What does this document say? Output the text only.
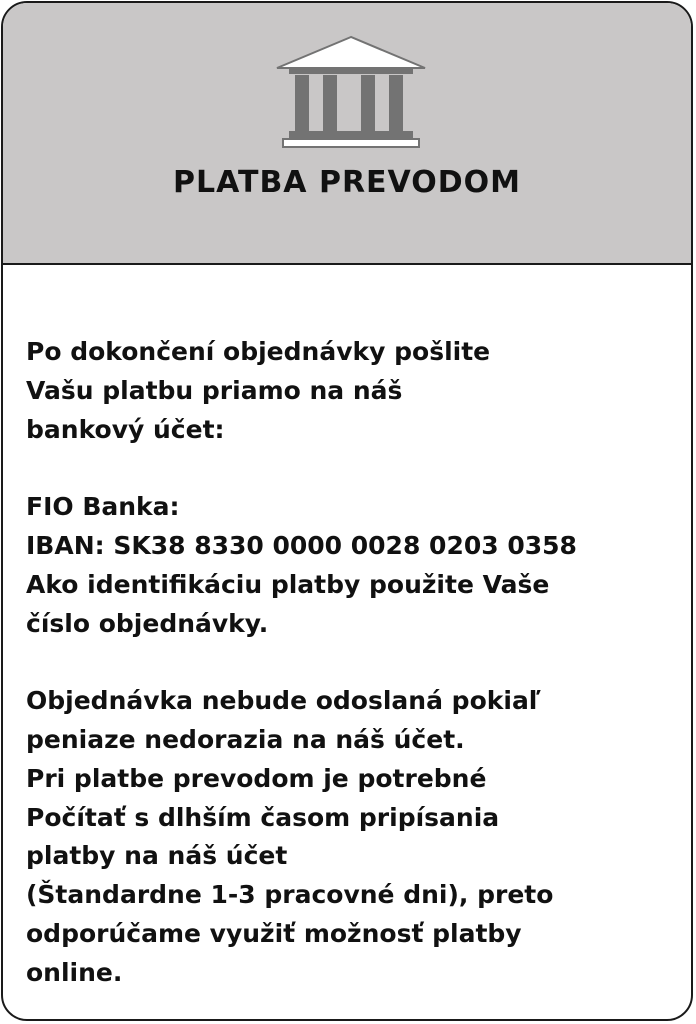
PLATBA PREVODOM
Po dokončení objednávky pošlite
Vašu platbu priamo na náš
bankový účet:
FIO Banka:
IBAN: SK38 8330 0000 0028 0203 0358
Ako identifikáciu platby použite Vaše
číslo objednávky.
Objednávka nebude odoslaná pokiaľ
peniaze nedorazia na náš účet.
Pri platbe prevodom je potrebné
Počítať s dlhším časom pripísania
platby na náš účet
(Štandardne 1-3 pracovné dni), preto
odporúčame využiť možnosť platby
online.
